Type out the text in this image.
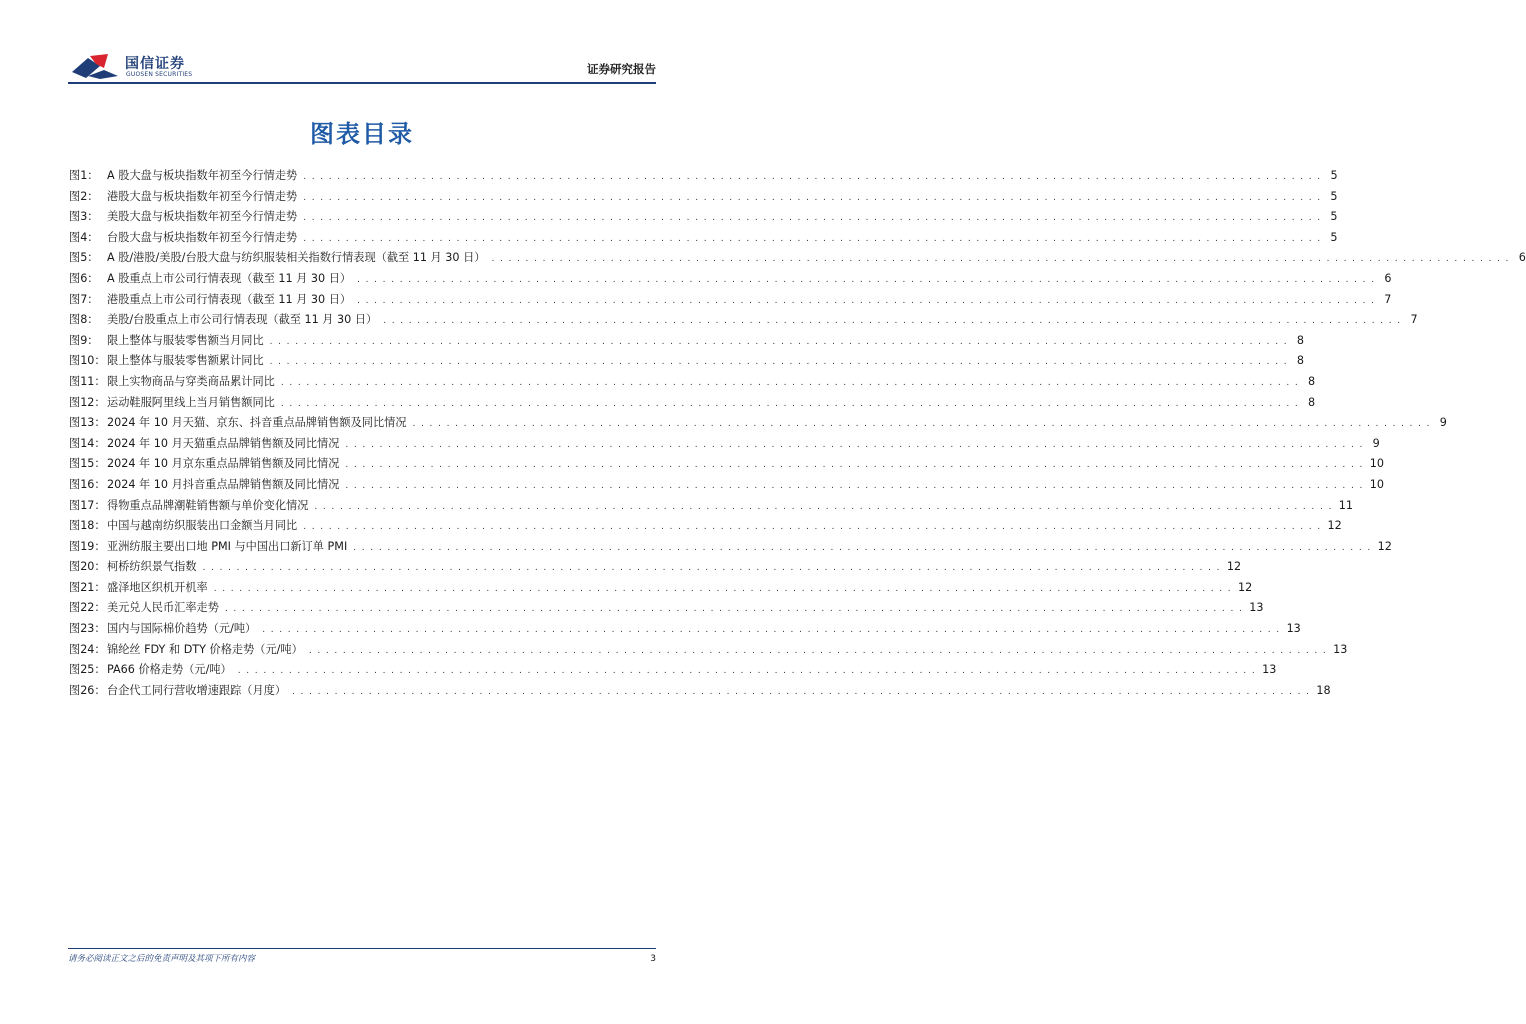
国信证券
GUOSEN SECURITIES	证券研究报告
图表目录
图1： A 股大盘与板块指数年初至今行情走势 . . . . . . . . . . . . . . . . . . . . . . . . . . . . . . . . . . . . . . . . . . . . . . . . . . . . . . . . . . . . . . . . . . . . . . . . . . . . . . . . . . . . . . . . . . . . . . . . . . . . . . . . . . . . . . . . . . . . . . . . 5
图2： 港股大盘与板块指数年初至今行情走势 . . . . . . . . . . . . . . . . . . . . . . . . . . . . . . . . . . . . . . . . . . . . . . . . . . . . . . . . . . . . . . . . . . . . . . . . . . . . . . . . . . . . . . . . . . . . . . . . . . . . . . . . . . . . . . . . . . . . . . . . 5
图3： 美股大盘与板块指数年初至今行情走势 . . . . . . . . . . . . . . . . . . . . . . . . . . . . . . . . . . . . . . . . . . . . . . . . . . . . . . . . . . . . . . . . . . . . . . . . . . . . . . . . . . . . . . . . . . . . . . . . . . . . . . . . . . . . . . . . . . . . . . . . 5
图4： 台股大盘与板块指数年初至今行情走势 . . . . . . . . . . . . . . . . . . . . . . . . . . . . . . . . . . . . . . . . . . . . . . . . . . . . . . . . . . . . . . . . . . . . . . . . . . . . . . . . . . . . . . . . . . . . . . . . . . . . . . . . . . . . . . . . . . . . . . . . 5
图5： A 股/港股/美股/台股大盘与纺织服装相关指数行情表现（截至 11 月 30 日） . . . . . . . . . . . . . . . . . . . . . . . . . . . . . . . . . . . . . . . . . . . . . . . . . . . . . . . . . . . . . . . . . . . . . . . . . . . . . . . . . . . . . . . . . . . . . . . . . . . . . . . . . . . . . . . . . . . . . . . . 6
图6： A 股重点上市公司行情表现（截至 11 月 30 日） . . . . . . . . . . . . . . . . . . . . . . . . . . . . . . . . . . . . . . . . . . . . . . . . . . . . . . . . . . . . . . . . . . . . . . . . . . . . . . . . . . . . . . . . . . . . . . . . . . . . . . . . . . . . . . . . . . . . . . . . 6
图7： 港股重点上市公司行情表现（截至 11 月 30 日） . . . . . . . . . . . . . . . . . . . . . . . . . . . . . . . . . . . . . . . . . . . . . . . . . . . . . . . . . . . . . . . . . . . . . . . . . . . . . . . . . . . . . . . . . . . . . . . . . . . . . . . . . . . . . . . . . . . . . . . . 7
图8： 美股/台股重点上市公司行情表现（截至 11 月 30 日） . . . . . . . . . . . . . . . . . . . . . . . . . . . . . . . . . . . . . . . . . . . . . . . . . . . . . . . . . . . . . . . . . . . . . . . . . . . . . . . . . . . . . . . . . . . . . . . . . . . . . . . . . . . . . . . . . . . . . . . . 7
图9： 限上整体与服装零售额当月同比 . . . . . . . . . . . . . . . . . . . . . . . . . . . . . . . . . . . . . . . . . . . . . . . . . . . . . . . . . . . . . . . . . . . . . . . . . . . . . . . . . . . . . . . . . . . . . . . . . . . . . . . . . . . . . . . . . . . . . . . . 8
图10： 限上整体与服装零售额累计同比 . . . . . . . . . . . . . . . . . . . . . . . . . . . . . . . . . . . . . . . . . . . . . . . . . . . . . . . . . . . . . . . . . . . . . . . . . . . . . . . . . . . . . . . . . . . . . . . . . . . . . . . . . . . . . . . . . . . . . . . . 8
图11： 限上实物商品与穿类商品累计同比 . . . . . . . . . . . . . . . . . . . . . . . . . . . . . . . . . . . . . . . . . . . . . . . . . . . . . . . . . . . . . . . . . . . . . . . . . . . . . . . . . . . . . . . . . . . . . . . . . . . . . . . . . . . . . . . . . . . . . . . . 8
图12： 运动鞋服阿里线上当月销售额同比 . . . . . . . . . . . . . . . . . . . . . . . . . . . . . . . . . . . . . . . . . . . . . . . . . . . . . . . . . . . . . . . . . . . . . . . . . . . . . . . . . . . . . . . . . . . . . . . . . . . . . . . . . . . . . . . . . . . . . . . . 8
图13： 2024 年 10 月天猫、京东、抖音重点品牌销售额及同比情况 . . . . . . . . . . . . . . . . . . . . . . . . . . . . . . . . . . . . . . . . . . . . . . . . . . . . . . . . . . . . . . . . . . . . . . . . . . . . . . . . . . . . . . . . . . . . . . . . . . . . . . . . . . . . . . . . . . . . . . . . 9
图14： 2024 年 10 月天猫重点品牌销售额及同比情况 . . . . . . . . . . . . . . . . . . . . . . . . . . . . . . . . . . . . . . . . . . . . . . . . . . . . . . . . . . . . . . . . . . . . . . . . . . . . . . . . . . . . . . . . . . . . . . . . . . . . . . . . . . . . . . . . . . . . . . . . 9
图15： 2024 年 10 月京东重点品牌销售额及同比情况 . . . . . . . . . . . . . . . . . . . . . . . . . . . . . . . . . . . . . . . . . . . . . . . . . . . . . . . . . . . . . . . . . . . . . . . . . . . . . . . . . . . . . . . . . . . . . . . . . . . . . . . . . . . . . . . . . . . . . . . . 10
图16： 2024 年 10 月抖音重点品牌销售额及同比情况 . . . . . . . . . . . . . . . . . . . . . . . . . . . . . . . . . . . . . . . . . . . . . . . . . . . . . . . . . . . . . . . . . . . . . . . . . . . . . . . . . . . . . . . . . . . . . . . . . . . . . . . . . . . . . . . . . . . . . . . . 10
图17： 得物重点品牌潮鞋销售额与单价变化情况 . . . . . . . . . . . . . . . . . . . . . . . . . . . . . . . . . . . . . . . . . . . . . . . . . . . . . . . . . . . . . . . . . . . . . . . . . . . . . . . . . . . . . . . . . . . . . . . . . . . . . . . . . . . . . . . . . . . . . . . . 11
图18： 中国与越南纺织服装出口金额当月同比 . . . . . . . . . . . . . . . . . . . . . . . . . . . . . . . . . . . . . . . . . . . . . . . . . . . . . . . . . . . . . . . . . . . . . . . . . . . . . . . . . . . . . . . . . . . . . . . . . . . . . . . . . . . . . . . . . . . . . . . . 12
图19： 亚洲纺服主要出口地 PMI 与中国出口新订单 PMI . . . . . . . . . . . . . . . . . . . . . . . . . . . . . . . . . . . . . . . . . . . . . . . . . . . . . . . . . . . . . . . . . . . . . . . . . . . . . . . . . . . . . . . . . . . . . . . . . . . . . . . . . . . . . . . . . . . . . . . . 12
图20： 柯桥纺织景气指数 . . . . . . . . . . . . . . . . . . . . . . . . . . . . . . . . . . . . . . . . . . . . . . . . . . . . . . . . . . . . . . . . . . . . . . . . . . . . . . . . . . . . . . . . . . . . . . . . . . . . . . . . . . . . . . . . . . . . . . . . 12
图21： 盛泽地区织机开机率 . . . . . . . . . . . . . . . . . . . . . . . . . . . . . . . . . . . . . . . . . . . . . . . . . . . . . . . . . . . . . . . . . . . . . . . . . . . . . . . . . . . . . . . . . . . . . . . . . . . . . . . . . . . . . . . . . . . . . . . . 12
图22： 美元兑人民币汇率走势 . . . . . . . . . . . . . . . . . . . . . . . . . . . . . . . . . . . . . . . . . . . . . . . . . . . . . . . . . . . . . . . . . . . . . . . . . . . . . . . . . . . . . . . . . . . . . . . . . . . . . . . . . . . . . . . . . . . . . . . . 13
图23： 国内与国际棉价趋势（元/吨） . . . . . . . . . . . . . . . . . . . . . . . . . . . . . . . . . . . . . . . . . . . . . . . . . . . . . . . . . . . . . . . . . . . . . . . . . . . . . . . . . . . . . . . . . . . . . . . . . . . . . . . . . . . . . . . . . . . . . . . . 13
图24： 锦纶丝 FDY 和 DTY 价格走势（元/吨） . . . . . . . . . . . . . . . . . . . . . . . . . . . . . . . . . . . . . . . . . . . . . . . . . . . . . . . . . . . . . . . . . . . . . . . . . . . . . . . . . . . . . . . . . . . . . . . . . . . . . . . . . . . . . . . . . . . . . . . . 13
图25： PA66 价格走势（元/吨） . . . . . . . . . . . . . . . . . . . . . . . . . . . . . . . . . . . . . . . . . . . . . . . . . . . . . . . . . . . . . . . . . . . . . . . . . . . . . . . . . . . . . . . . . . . . . . . . . . . . . . . . . . . . . . . . . . . . . . . . 13
图26： 台企代工同行营收增速跟踪（月度） . . . . . . . . . . . . . . . . . . . . . . . . . . . . . . . . . . . . . . . . . . . . . . . . . . . . . . . . . . . . . . . . . . . . . . . . . . . . . . . . . . . . . . . . . . . . . . . . . . . . . . . . . . . . . . . . . . . . . . . . 18
请务必阅读正文之后的免责声明及其项下所有内容	3
